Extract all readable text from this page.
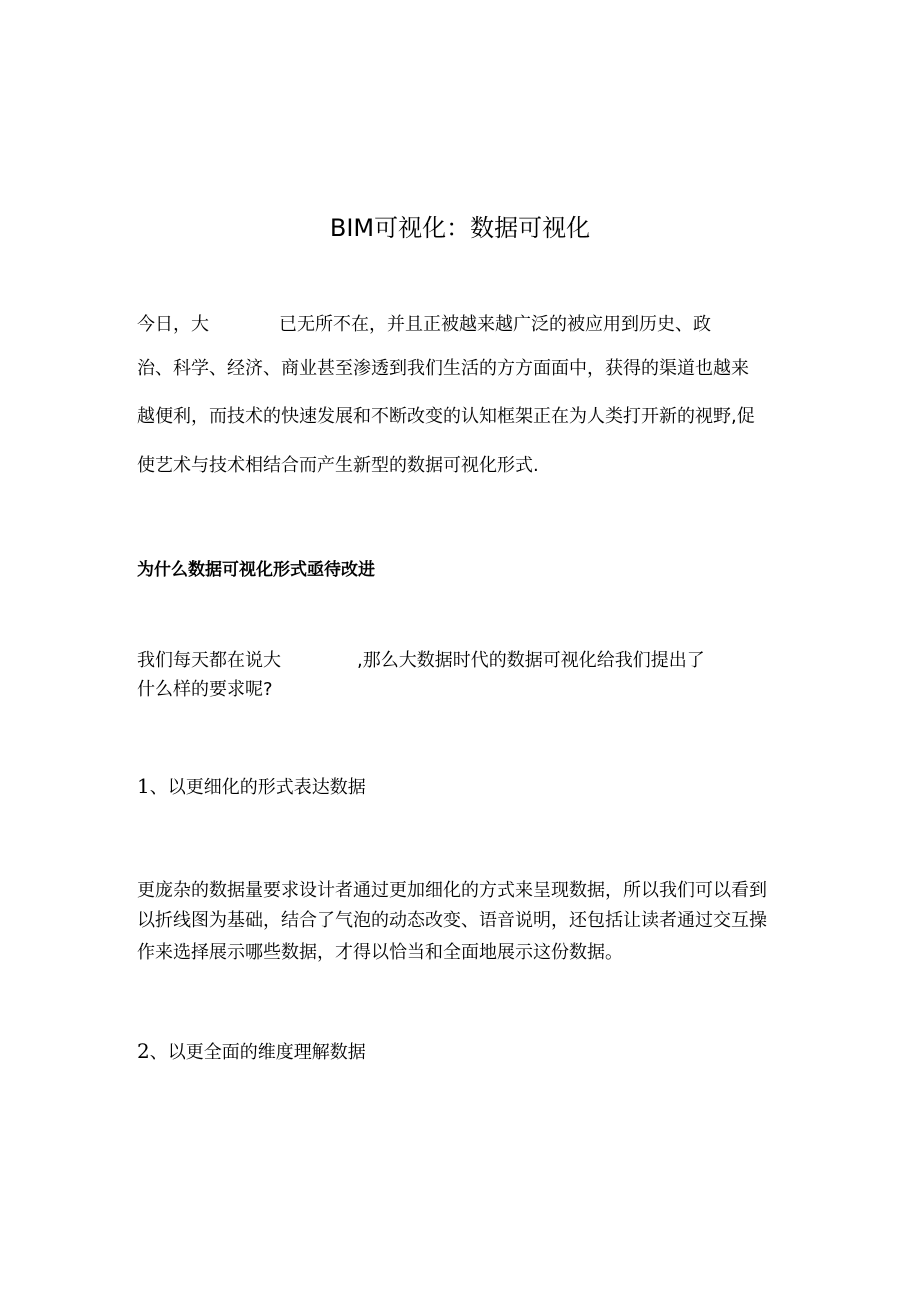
BIM可视化：数据可视化
今日，大	已无所不在，并且正被越来越广泛的被应用到历史、政
治、科学、经济、商业甚至渗透到我们生活的方方面面中，获得的渠道也越来
越便利，而技术的快速发展和不断改变的认知框架正在为人类打开新的视野,促
使艺术与技术相结合而产生新型的数据可视化形式.
为什么数据可视化形式亟待改进
我们每天都在说大	,那么大数据时代的数据可视化给我们提出了
什么样的要求呢?
1、以更细化的形式表达数据
更庞杂的数据量要求设计者通过更加细化的方式来呈现数据，所以我们可以看到
以折线图为基础，结合了气泡的动态改变、语音说明，还包括让读者通过交互操
作来选择展示哪些数据，才得以恰当和全面地展示这份数据。
2、以更全面的维度理解数据
